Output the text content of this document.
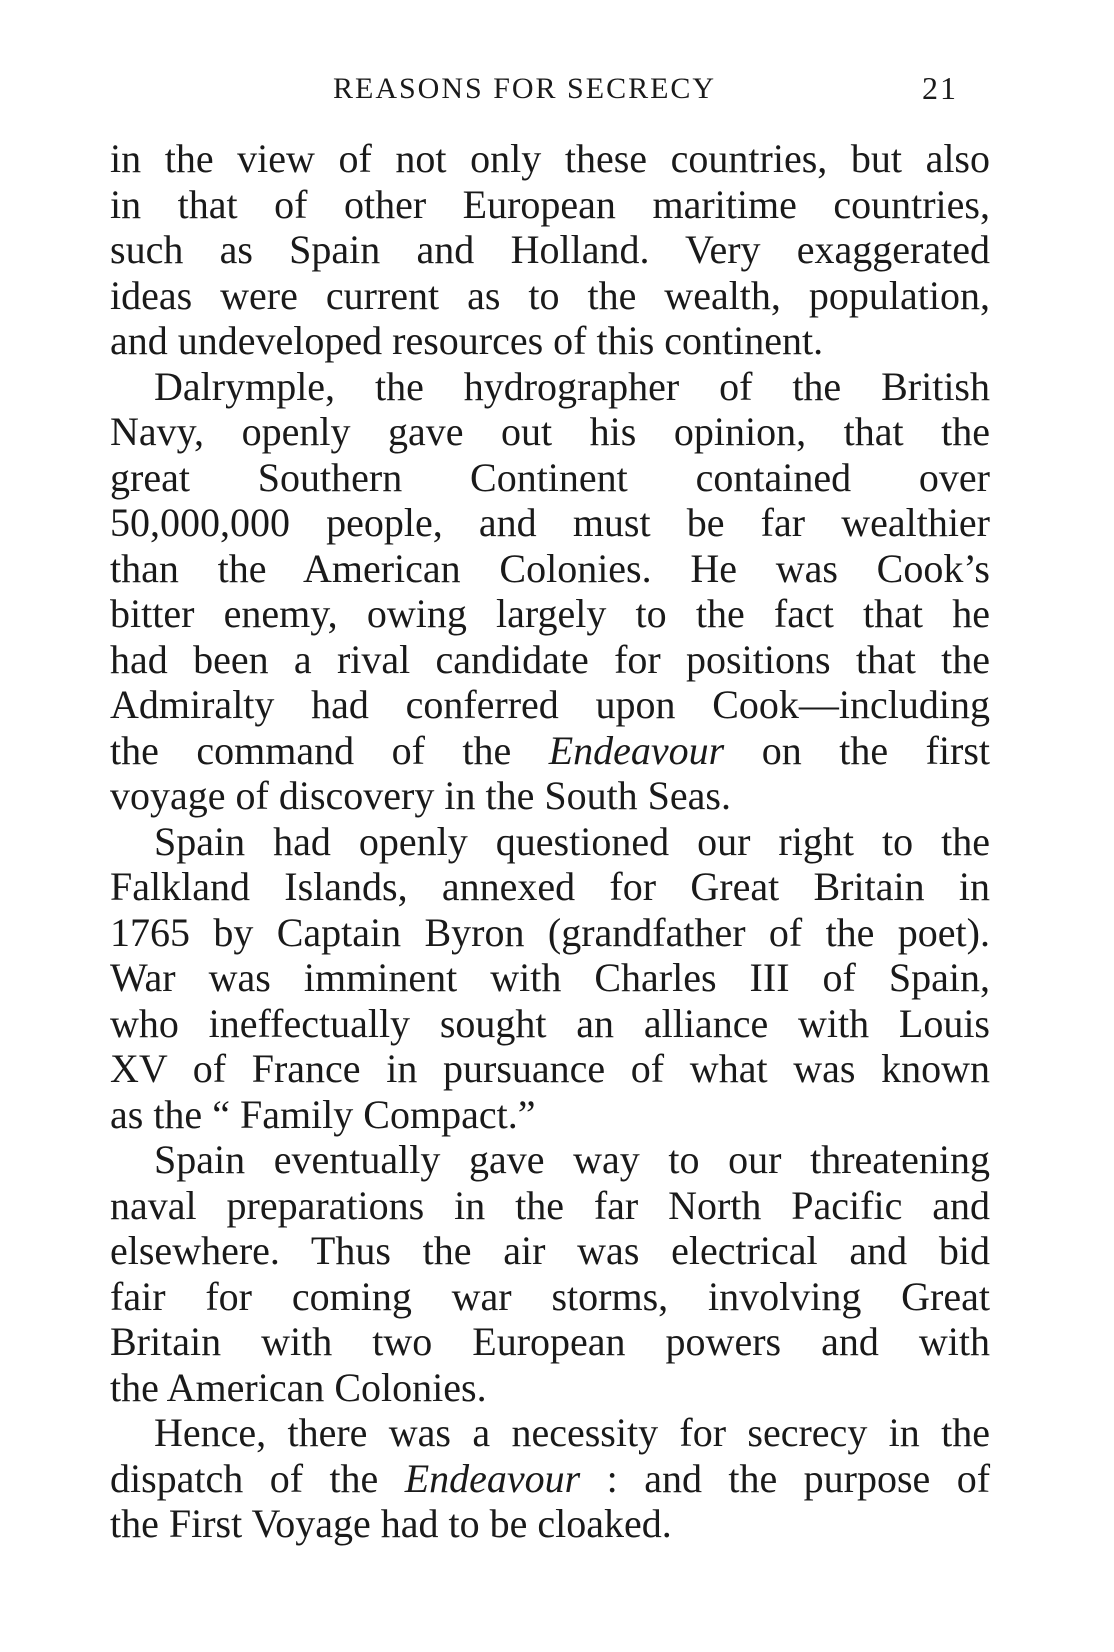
REASONS FOR SECRECY	21
in the view of not only these countries, but also
in that of other European maritime countries,
such as Spain and Holland. Very exaggerated
ideas were current as to the wealth, population,
and undeveloped resources of this continent.
Dalrymple, the hydrographer of the British
Navy, openly gave out his opinion, that the
great Southern Continent contained over
50,000,000 people, and must be far wealthier
than the American Colonies. He was Cook’s
bitter enemy, owing largely to the fact that he
had been a rival candidate for positions that the
Admiralty had conferred upon Cook—including
the command of the Endeavour on the first
voyage of discovery in the South Seas.
Spain had openly questioned our right to the
Falkland Islands, annexed for Great Britain in
1765 by Captain Byron (grandfather of the poet).
War was imminent with Charles III of Spain,
who ineffectually sought an alliance with Louis
XV of France in pursuance of what was known
as the “ Family Compact.”
Spain eventually gave way to our threatening
naval preparations in the far North Pacific and
elsewhere. Thus the air was electrical and bid
fair for coming war storms, involving Great
Britain with two European powers and with
the American Colonies.
Hence, there was a necessity for secrecy in the
dispatch of the Endeavour : and the purpose of
the First Voyage had to be cloaked.
